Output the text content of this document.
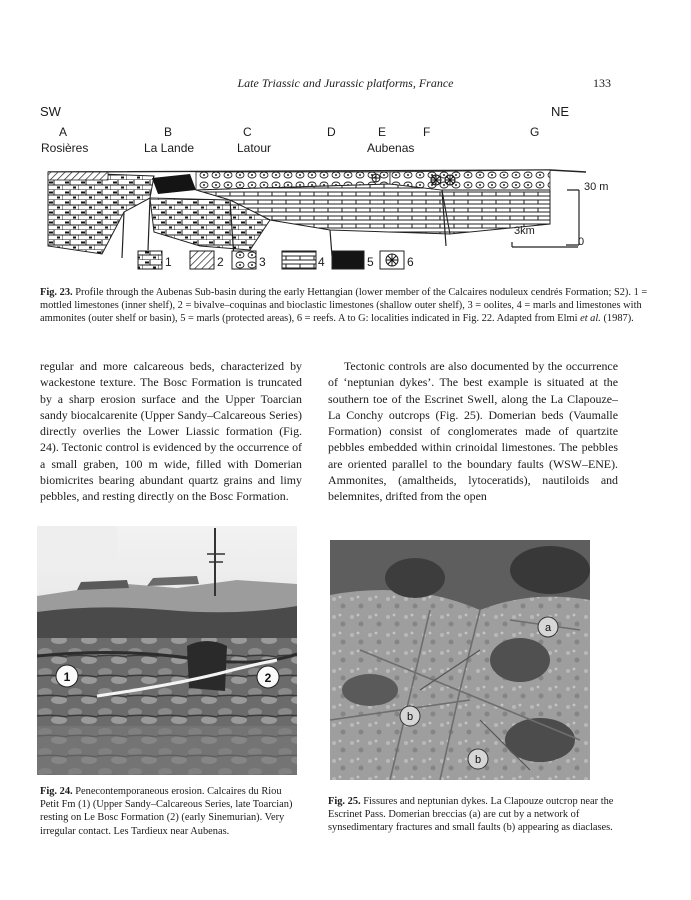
Late Triassic and Jurassic platforms, France	133
SW	NE
A	B	C	D	E	F	G
Rosières	La Lande	Latour	Aubenas
30 m
0
3km
1	2	3	4	5	6
Fig. 23. Profile through the Aubenas Sub-basin during the early Hettangian (lower member of the Calcaires noduleux cendrés Formation; S2). 1 = mottled limestones (inner shelf), 2 = bivalve–coquinas and bioclastic limestones (shallow outer shelf), 3 = oolites, 4 = marls and limestones with ammonites (outer shelf or basin), 5 = marls (protected areas), 6 = reefs. A to G: localities indicated in Fig. 22. Adapted from Elmi et al. (1987).

regular and more calcareous beds, characterized by wackestone texture. The Bosc Formation is truncated by a sharp erosion surface and the Upper Toarcian sandy biocalcarenite (Upper Sandy–Calcareous Series) directly overlies the Lower Liassic formation (Fig. 24). Tectonic control is evidenced by the occurrence of a small graben, 100 m wide, filled with Domerian biomicrites bearing abundant quartz grains and limy pebbles, and resting directly on the Bosc Formation.

Tectonic controls are also documented by the occurrence of ‘neptunian dykes’. The best example is situated at the southern toe of the Escrinet Swell, along the La Clapouze–La Conchy outcrops (Fig. 25). Domerian beds (Vaumalle Formation) consist of conglomerates made of quartzite pebbles embedded within crinoidal limestones. The pebbles are oriented parallel to the boundary faults (WSW–ENE). Ammonites, (amaltheids, lytoceratids), nautiloids and belemnites, drifted from the open

1	2
a
b
b
Fig. 24. Penecontemporaneous erosion. Calcaires du Riou Petit Fm (1) (Upper Sandy–Calcareous Series, late Toarcian) resting on Le Bosc Formation (2) (early Sinemurian). Very irregular contact. Les Tardieux near Aubenas.
Fig. 25. Fissures and neptunian dykes. La Clapouze outcrop near the Escrinet Pass. Domerian breccias (a) are cut by a network of synsedimentary fractures and small faults (b) appearing as diaclases.
